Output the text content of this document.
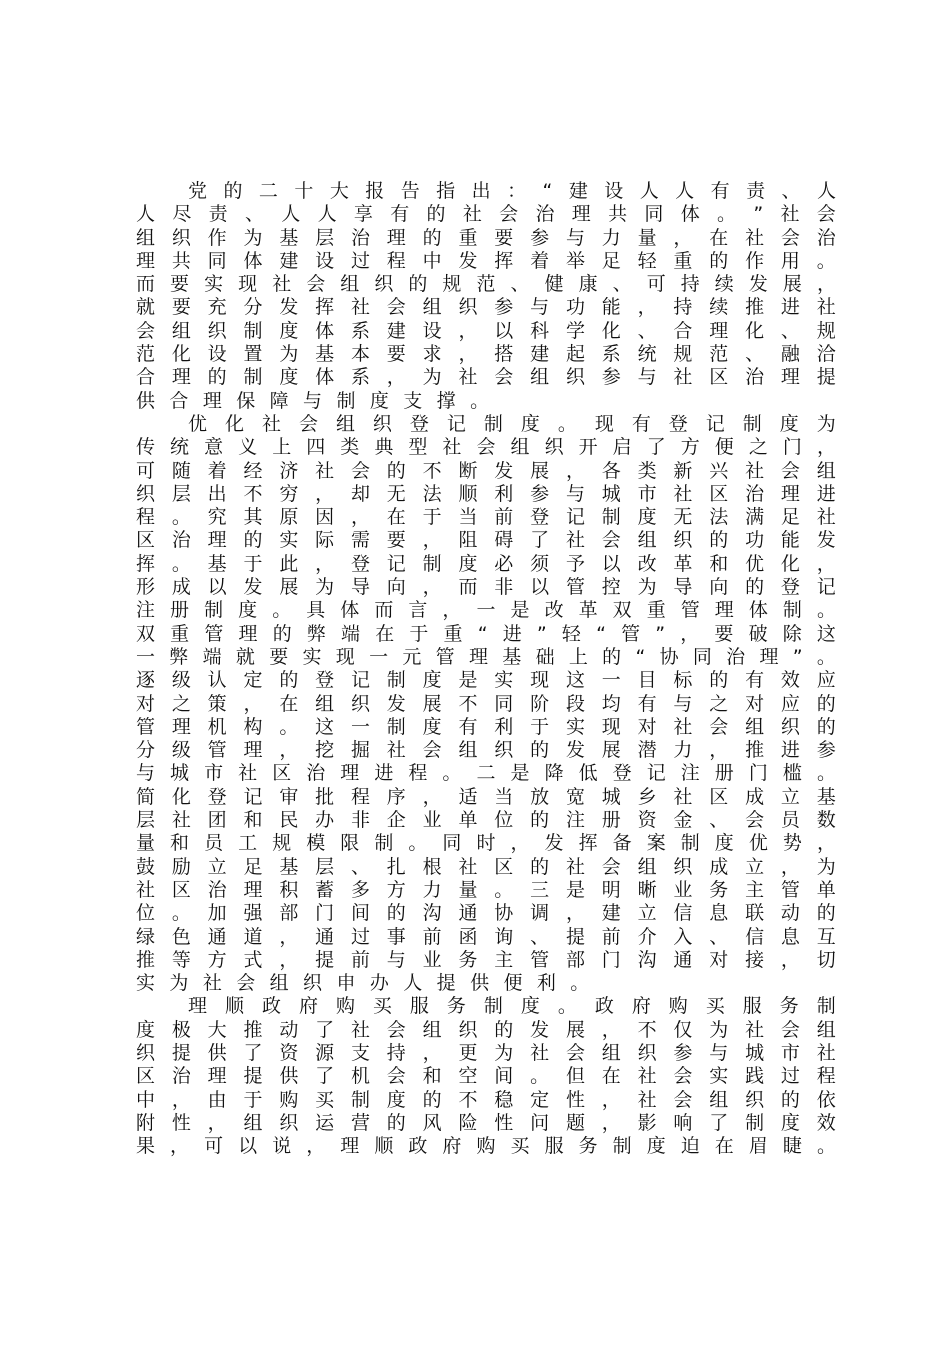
党 的 二 十 大 报 告 指 出 ： “ 建 设 人 人 有 责 、 人
人 尽 责 、 人 人 享 有 的 社 会 治 理 共 同 体 。 ” 社 会
组 织 作 为 基 层 治 理 的 重 要 参 与 力 量 ， 在 社 会 治
理 共 同 体 建 设 过 程 中 发 挥 着 举 足 轻 重 的 作 用 。
而 要 实 现 社 会 组 织 的 规 范 、 健 康 、 可 持 续 发 展 ，
就 要 充 分 发 挥 社 会 组 织 参 与 功 能 ， 持 续 推 进 社
会 组 织 制 度 体 系 建 设 ， 以 科 学 化 、 合 理 化 、 规
范 化 设 置 为 基 本 要 求 ， 搭 建 起 系 统 规 范 、 融 洽
合 理 的 制 度 体 系 ， 为 社 会 组 织 参 与 社 区 治 理 提
供 合 理 保 障 与 制 度 支 撑 。
优 化 社 会 组 织 登 记 制 度 。 现 有 登 记 制 度 为
传 统 意 义 上 四 类 典 型 社 会 组 织 开 启 了 方 便 之 门 ，
可 随 着 经 济 社 会 的 不 断 发 展 ， 各 类 新 兴 社 会 组
织 层 出 不 穷 ， 却 无 法 顺 利 参 与 城 市 社 区 治 理 进
程 。 究 其 原 因 ， 在 于 当 前 登 记 制 度 无 法 满 足 社
区 治 理 的 实 际 需 要 ， 阻 碍 了 社 会 组 织 的 功 能 发
挥 。 基 于 此 ， 登 记 制 度 必 须 予 以 改 革 和 优 化 ，
形 成 以 发 展 为 导 向 ， 而 非 以 管 控 为 导 向 的 登 记
注 册 制 度 。 具 体 而 言 ， 一 是 改 革 双 重 管 理 体 制 。
双 重 管 理 的 弊 端 在 于 重 “ 进 ” 轻 “ 管 ” ， 要 破 除 这
一 弊 端 就 要 实 现 一 元 管 理 基 础 上 的 “ 协 同 治 理 ” 。
逐 级 认 定 的 登 记 制 度 是 实 现 这 一 目 标 的 有 效 应
对 之 策 ， 在 组 织 发 展 不 同 阶 段 均 有 与 之 对 应 的
管 理 机 构 。 这 一 制 度 有 利 于 实 现 对 社 会 组 织 的
分 级 管 理 ， 挖 掘 社 会 组 织 的 发 展 潜 力 ， 推 进 参
与 城 市 社 区 治 理 进 程 。 二 是 降 低 登 记 注 册 门 槛 。
简 化 登 记 审 批 程 序 ， 适 当 放 宽 城 乡 社 区 成 立 基
层 社 团 和 民 办 非 企 业 单 位 的 注 册 资 金 、 会 员 数
量 和 员 工 规 模 限 制 。 同 时 ， 发 挥 备 案 制 度 优 势 ，
鼓 励 立 足 基 层 、 扎 根 社 区 的 社 会 组 织 成 立 ， 为
社 区 治 理 积 蓄 多 方 力 量 。 三 是 明 晰 业 务 主 管 单
位 。 加 强 部 门 间 的 沟 通 协 调 ， 建 立 信 息 联 动 的
绿 色 通 道 ， 通 过 事 前 函 询 、 提 前 介 入 、 信 息 互
推 等 方 式 ， 提 前 与 业 务 主 管 部 门 沟 通 对 接 ， 切
实 为 社 会 组 织 申 办 人 提 供 便 利 。
理 顺 政 府 购 买 服 务 制 度 。 政 府 购 买 服 务 制
度 极 大 推 动 了 社 会 组 织 的 发 展 ， 不 仅 为 社 会 组
织 提 供 了 资 源 支 持 ， 更 为 社 会 组 织 参 与 城 市 社
区 治 理 提 供 了 机 会 和 空 间 。 但 在 社 会 实 践 过 程
中 ， 由 于 购 买 制 度 的 不 稳 定 性 ， 社 会 组 织 的 依
附 性 ， 组 织 运 营 的 风 险 性 问 题 ， 影 响 了 制 度 效
果 ， 可 以 说 ， 理 顺 政 府 购 买 服 务 制 度 迫 在 眉 睫 。
